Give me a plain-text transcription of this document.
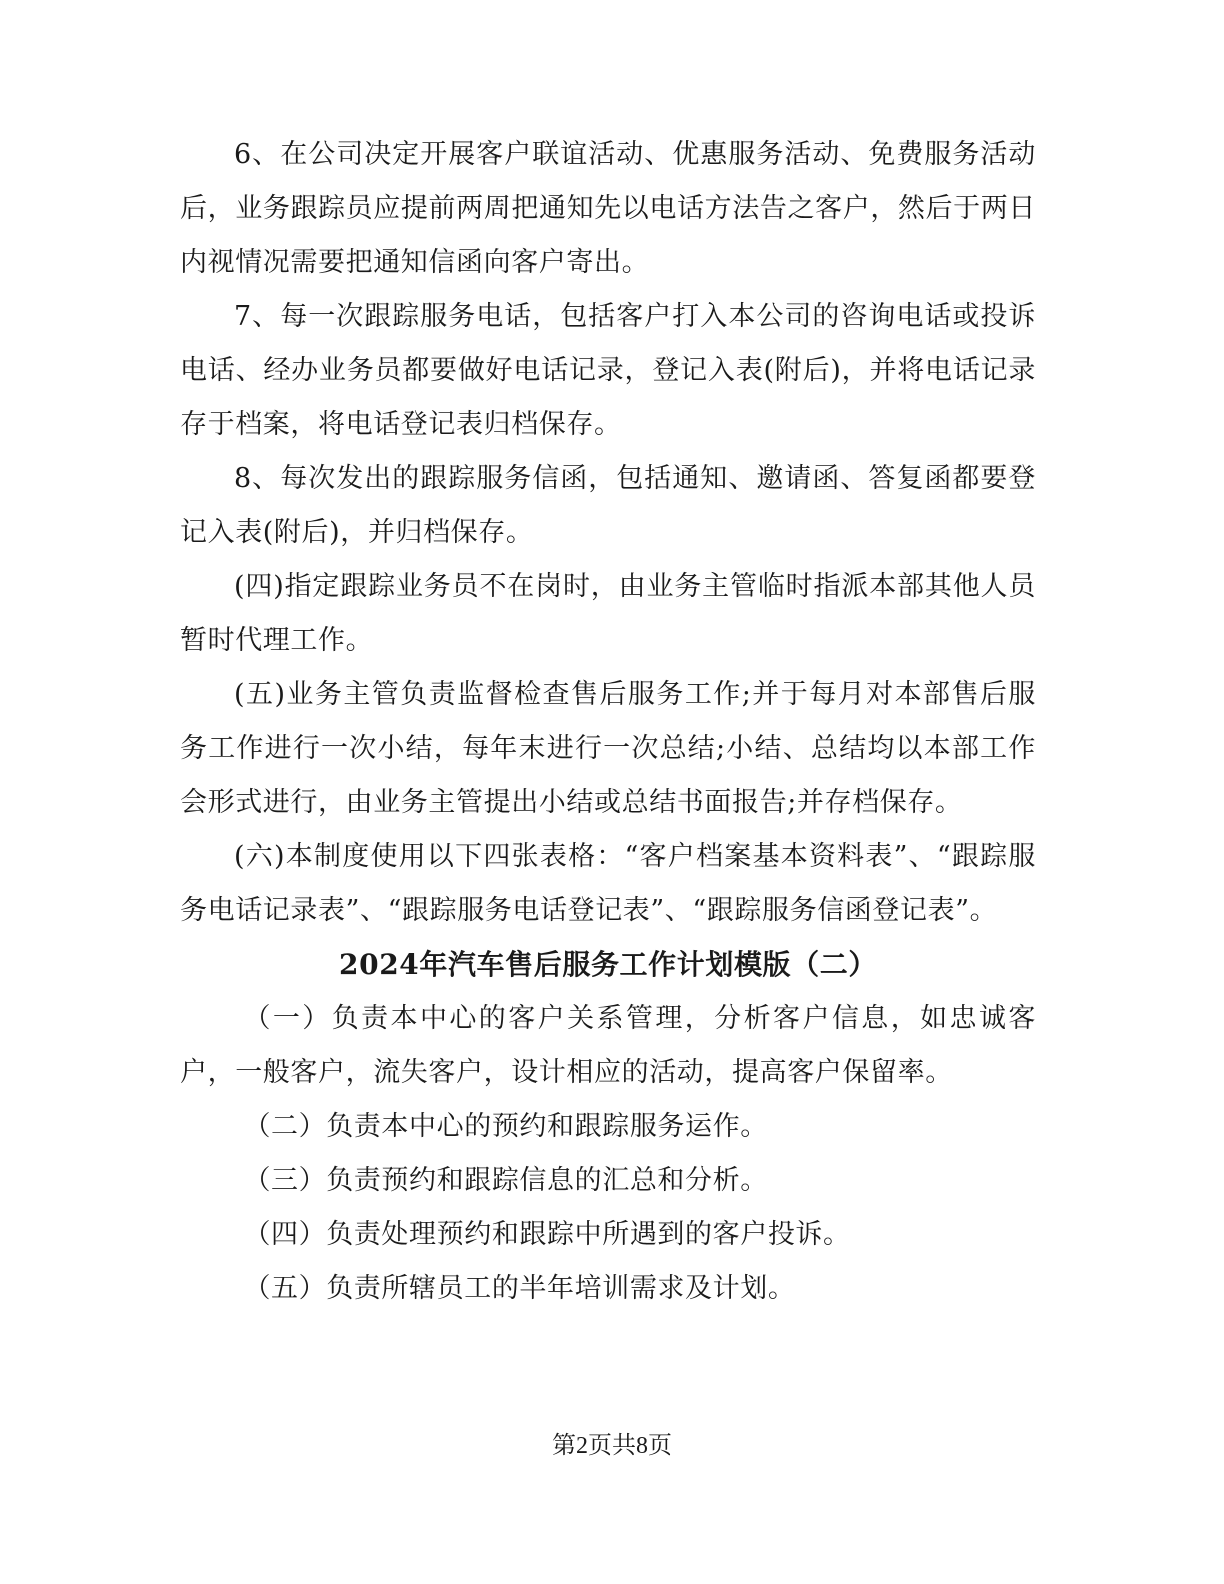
6、在公司决定开展客户联谊活动、优惠服务活动、免费服务活动后，业务跟踪员应提前两周把通知先以电话方法告之客户，然后于两日内视情况需要把通知信函向客户寄出。

7、每一次跟踪服务电话，包括客户打入本公司的咨询电话或投诉电话、经办业务员都要做好电话记录，登记入表(附后)，并将电话记录存于档案，将电话登记表归档保存。

8、每次发出的跟踪服务信函，包括通知、邀请函、答复函都要登记入表(附后)，并归档保存。

(四)指定跟踪业务员不在岗时，由业务主管临时指派本部其他人员暂时代理工作。

(五)业务主管负责监督检查售后服务工作;并于每月对本部售后服务工作进行一次小结，每年末进行一次总结;小结、总结均以本部工作会形式进行，由业务主管提出小结或总结书面报告;并存档保存。

(六)本制度使用以下四张表格：“客户档案基本资料表”、“跟踪服务电话记录表”、“跟踪服务电话登记表”、“跟踪服务信函登记表”。

2024年汽车售后服务工作计划模版（二）

（一）负责本中心的客户关系管理，分析客户信息，如忠诚客户，一般客户，流失客户，设计相应的活动，提高客户保留率。

（二）负责本中心的预约和跟踪服务运作。

（三）负责预约和跟踪信息的汇总和分析。

（四）负责处理预约和跟踪中所遇到的客户投诉。

（五）负责所辖员工的半年培训需求及计划。

第2页共8页
